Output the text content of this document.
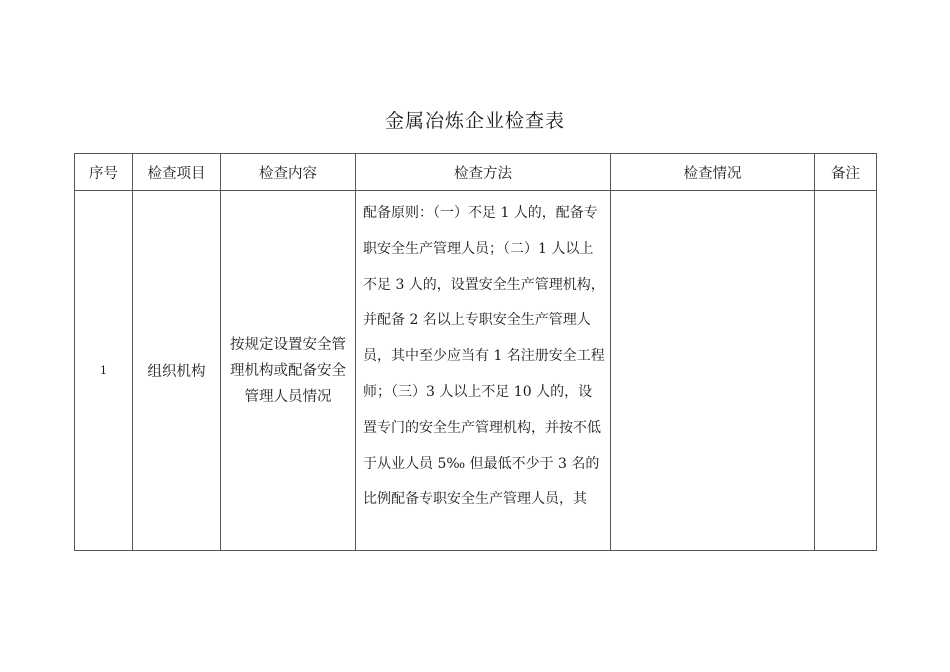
金属冶炼企业检查表
序号	检查项目	检查内容	检查方法	检查情况	备注
1	组织机构	按规定设置安全管理机构或配备安全管理人员情况	配备原则：（一）不足 1 人的，配备专职安全生产管理人员；（二）1 人以上不足 3 人的，设置安全生产管理机构，并配备 2 名以上专职安全生产管理人员，其中至少应当有 1 名注册安全工程师；（三）3 人以上不足 10 人的，设置专门的安全生产管理机构，并按不低于从业人员 5‰ 但最低不少于 3 名的比例配备专职安全生产管理人员，其		
